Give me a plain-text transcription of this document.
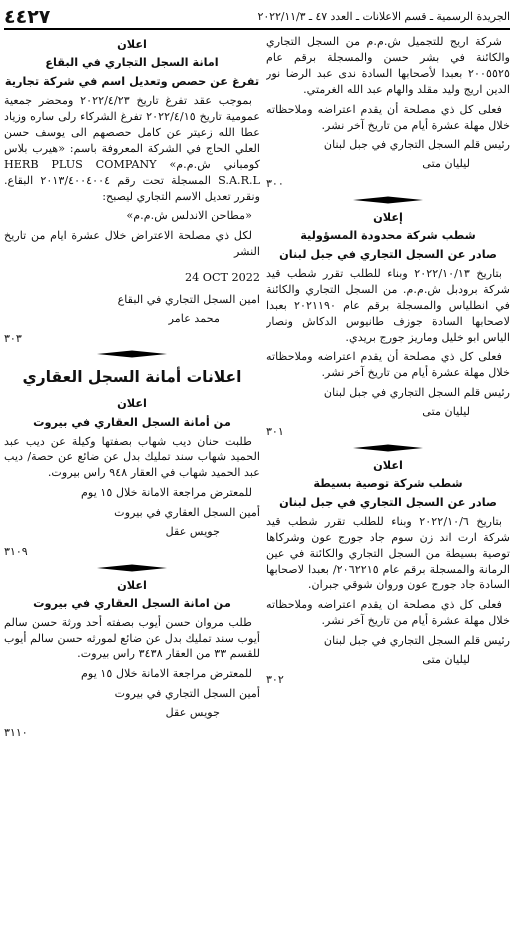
الجريدة الرسمية ـ قسم الاعلانات ـ العدد ٤٧ ـ ٢٠٢٢/١١/٣
٤٤٢٧

شركة اريج للتجميل ش.م.م من السجل التجاري والكائنة في بشر حسن والمسجلة برقم عام ٢٠٠٥٥٢٥ بعبدا لأصحابها السادة ندى عبد الرضا نور الدين اريج وليد مقلد والهام عبد الله الغرمتي.

فعلى كل ذي مصلحة أن يقدم اعتراضه وملاحظاته خلال مهلة عشرة أيام من تاريخ آخر نشر.

رئيس قلم السجل التجاري في جبل لبنان
ليليان متى
٣٠٠
إعلان
شطب شركة محدودة المسؤولية
صادر عن السجل التجاري في جبل لبنان

بتاريخ ٢٠٢٢/١٠/١٣ وبناء للطلب تقرر شطب قيد شركة برودبل ش.م.م. من السجل التجاري والكائنة في انطلياس والمسجلة برقم عام ٢٠٢١١٩٠ بعبدا لاصحابها السادة جوزف طانيوس الدكاش ونصار الياس ابو خليل وماريز جورج بريدي.

فعلى كل ذي مصلحة أن يقدم اعتراضه وملاحظاته خلال مهلة عشرة أيام من تاريخ آخر نشر.

رئيس قلم السجل التجاري في جبل لبنان
ليليان متى
٣٠١
اعلان
شطب شركة توصية بسيطة
صادر عن السجل التجاري في جبل لبنان

بتاريخ ٢٠٢٢/١٠/٦ وبناء للطلب تقرر شطب قيد شركة ارت اند زن سوم جاد جورج عون وشركاها توصية بسيطة من السجل التجاري والكائنة في عين الرمانة والمسجلة برقم عام ٢٠٦٢٢١٥/ بعبدا لاصحابها السادة جاد جورج عون وروان شوقي جبران.

فعلى كل ذي مصلحة ان يقدم اعتراضه وملاحظاته خلال مهلة عشرة أيام من تاريخ آخر نشر.

رئيس قلم السجل التجاري في جبل لبنان
ليليان متى
٣٠٢
اعلان
امانة السجل التجاري في البقاع
تفرغ عن حصص وتعديل اسم في شركة تجارية

بموجب عقد تفرغ تاريخ ٢٠٢٢/٤/٢٣ ومحضر جمعية عمومية تاريخ ٢٠٢٢/٤/١٥ تفرغ الشركاء رلى ساره وزياد عطا الله زعيتر عن كامل حصصهم الى يوسف حسن العلي الحاج في الشركة المعروفة باسم: «هيرب بلاس كومباني ش.م.م» HERB PLUS COMPANY S.A.R.L المسجلة تحت رقم ٢٠١٣/٤٠٠٤٠٠٤ البقاع. ونقرر تعديل الاسم التجاري ليصبح:

«مطاحن الاندلس ش.م.م»

لكل ذي مصلحة الاعتراض خلال عشرة ايام من تاريخ النشر

24 OCT 2022
امين السجل التجاري في البقاع
محمد عامر
٣٠٣
اعلانات أمانة السجل العقاري
اعلان
من أمانة السجل العقاري في بيروت

طلبت حنان ديب شهاب بصفتها وكيلة عن ديب عبد الحميد شهاب سند تمليك بدل عن ضائع عن حصة/ ديب عبد الحميد شهاب في العقار ٩٤٨ راس بيروت.

للمعترض مراجعة الامانة خلال ١٥ يوم

أمين السجل العقاري في بيروت
جويس عقل
٣١٠٩
اعلان
من امانة السجل العقاري في بيروت

طلب مروان حسن أيوب بصفته أحد ورثة حسن سالم أيوب سند تمليك بدل عن ضائع لمورثه حسن سالم أيوب للقسم ٣٣ من العقار ٣٤٣٨ راس بيروت.

للمعترض مراجعة الامانة خلال ١٥ يوم

أمين السجل التجاري في بيروت
جويس عقل
٣١١٠
